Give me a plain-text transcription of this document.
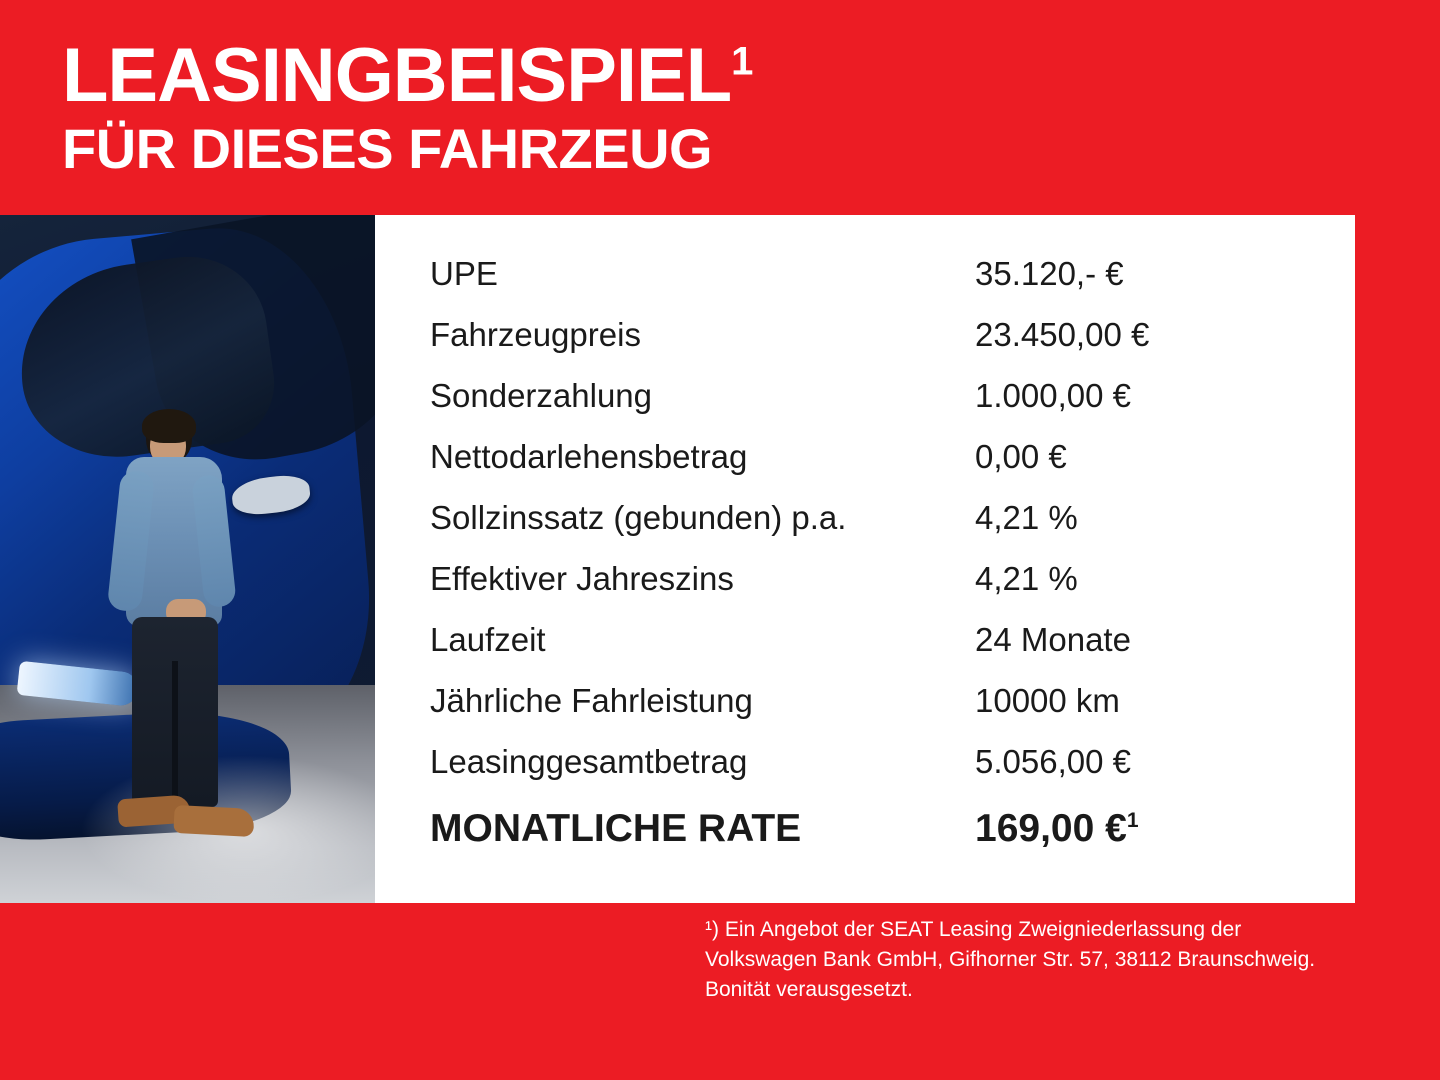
LEASINGBEISPIEL$^1$
FÜR DIESES FAHRZEUG
UPE	35.120,- €
Fahrzeugpreis	23.450,00 €
Sonderzahlung	1.000,00 €
Nettodarlehensbetrag	0,00 €
Sollzinssatz (gebunden) p.a.	4,21 %
Effektiver Jahreszins	4,21 %
Laufzeit	24 Monate
Jährliche Fahrleistung	10000 km
Leasinggesamtbetrag	5.056,00 €
MONATLICHE RATE	169,00 €$^1$
¹) Ein Angebot der SEAT Leasing Zweigniederlassung der Volkswagen Bank GmbH, Gifhorner Str. 57, 38112 Braunschweig. Bonität verausgesetzt.
